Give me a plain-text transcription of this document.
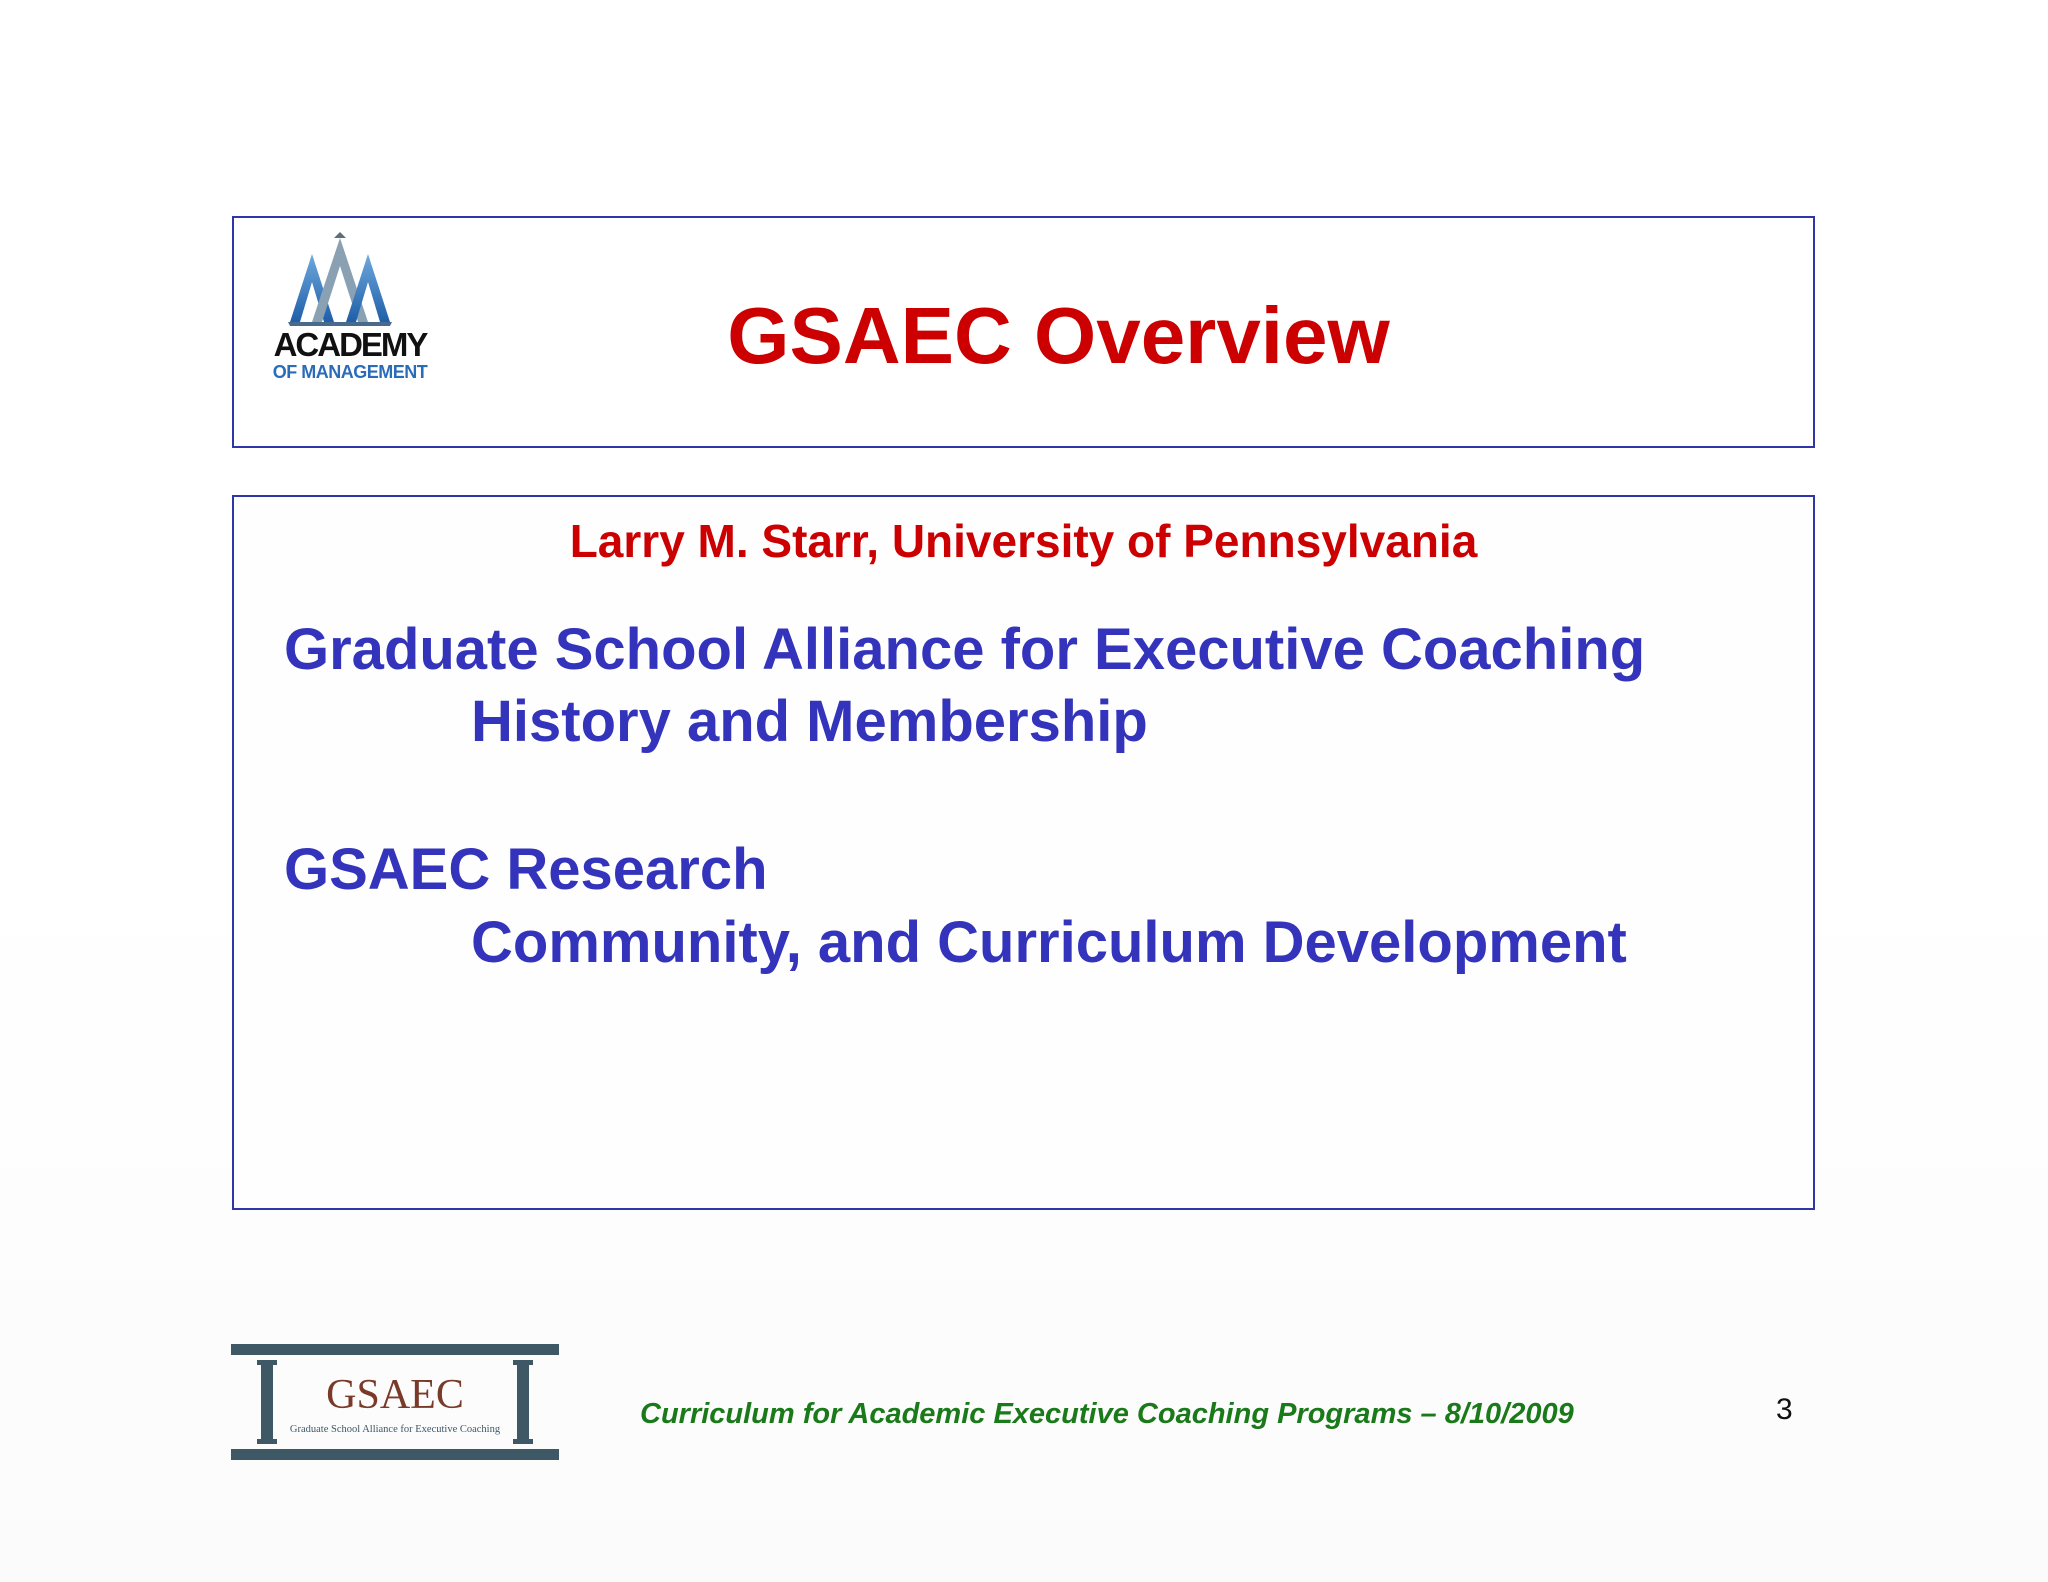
ACADEMY
OF MANAGEMENT	GSAEC Overview
Larry M. Starr, University of Pennsylvania
Graduate School Alliance for Executive Coaching
History and Membership
GSAEC Research
Community, and Curriculum Development
GSAEC
Graduate School Alliance for Executive Coaching	Curriculum for Academic Executive Coaching Programs – 8/10/2009	3
